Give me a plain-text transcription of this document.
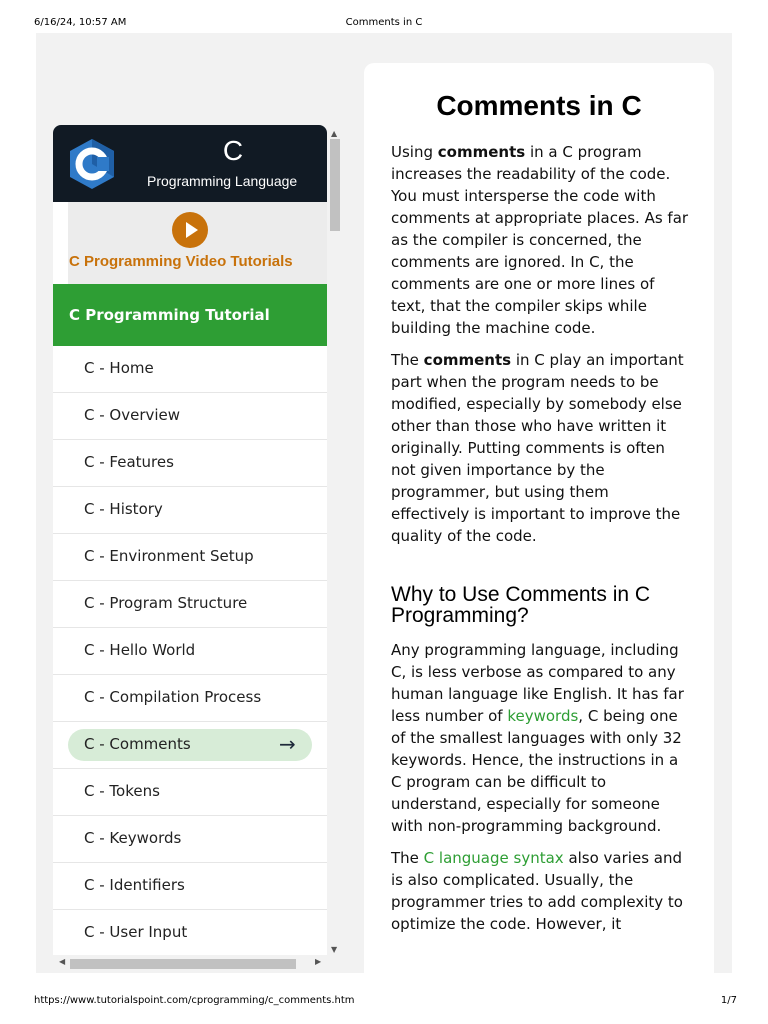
6/16/24, 10:57 AM	Comments in C
C
Programming Language
C Programming Video Tutorials
C Programming Tutorial
C - Home
C - Overview
C - Features
C - History
C - Environment Setup
C - Program Structure
C - Hello World
C - Compilation Process
C - Comments	→
C - Tokens
C - Keywords
C - Identifiers
C - User Input
▲
▼
◀	▶
Comments in C

Using comments in a C program increases the readability of the code. You must intersperse the code with comments at appropriate places. As far as the compiler is concerned, the comments are ignored. In C, the comments are one or more lines of text, that the compiler skips while building the machine code.

The comments in C play an important part when the program needs to be modified, especially by somebody else other than those who have written it originally. Putting comments is often not given importance by the programmer, but using them effectively is important to improve the quality of the code.

Why to Use Comments in C Programming?

Any programming language, including C, is less verbose as compared to any human language like English. It has far less number of keywords, C being one of the smallest languages with only 32 keywords. Hence, the instructions in a C program can be difficult to understand, especially for someone with non-programming background.

The C language syntax also varies and is also complicated. Usually, the programmer tries to add complexity to optimize the code. However, it

https://www.tutorialspoint.com/cprogramming/c_comments.htm	1/7
